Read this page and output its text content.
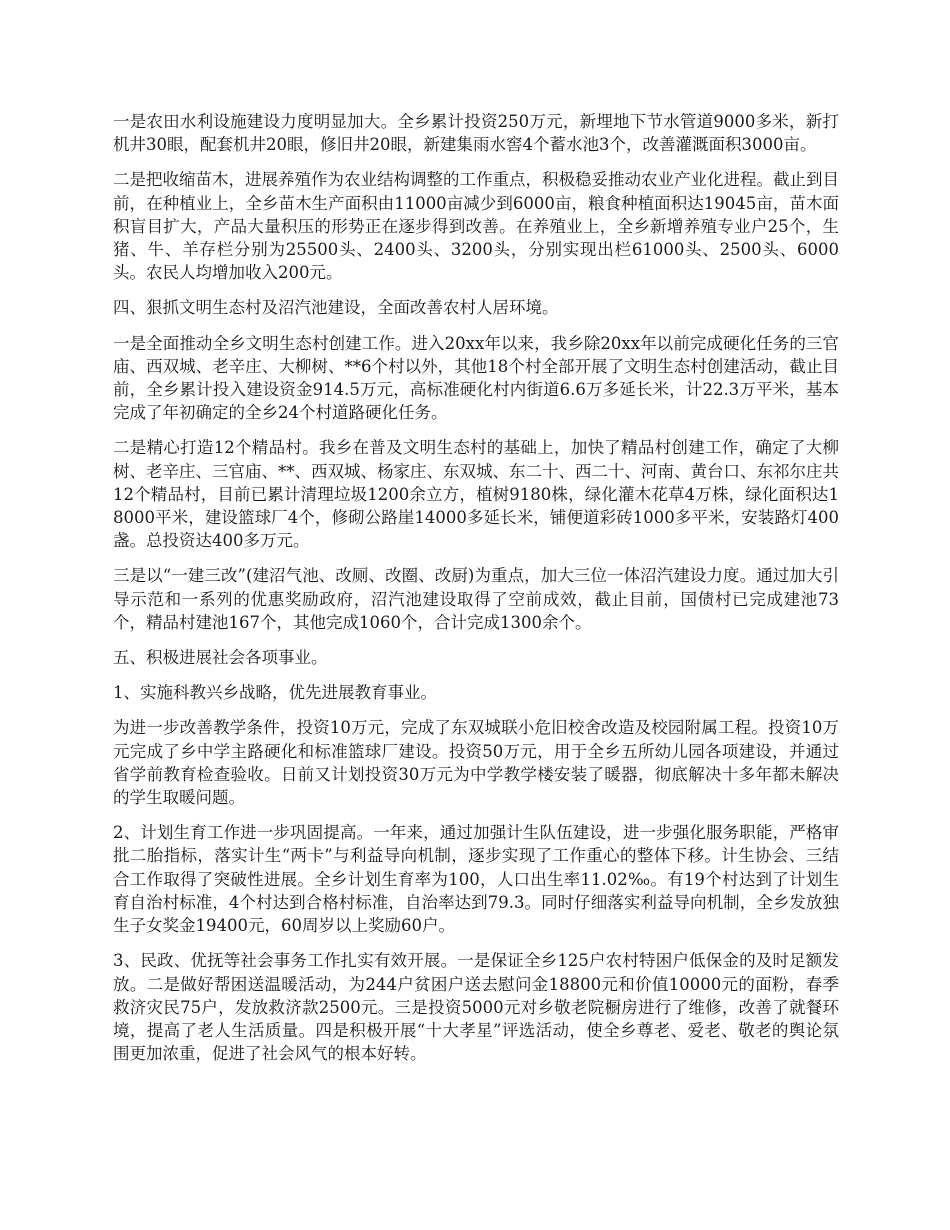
一是农田水利设施建设力度明显加大。全乡累计投资250万元，新埋地下节水管道9000多米，新打机井30眼，配套机井20眼，修旧井20眼，新建集雨水窖4个蓄水池3个，改善灌溉面积3000亩。

二是把收缩苗木，进展养殖作为农业结构调整的工作重点，积极稳妥推动农业产业化进程。截止到目前，在种植业上，全乡苗木生产面积由11000亩减少到6000亩，粮食种植面积达19045亩，苗木面积盲目扩大，产品大量积压的形势正在逐步得到改善。在养殖业上，全乡新增养殖专业户25个，生猪、牛、羊存栏分别为25500头、2400头、3200头，分别实现出栏61000头、2500头、6000头。农民人均增加收入200元。

四、狠抓文明生态村及沼汽池建设，全面改善农村人居环境。

一是全面推动全乡文明生态村创建工作。进入20xx年以来，我乡除20xx年以前完成硬化任务的三官庙、西双城、老辛庄、大柳树、**6个村以外，其他18个村全部开展了文明生态村创建活动，截止目前，全乡累计投入建设资金914.5万元，高标准硬化村内街道6.6万多延长米，计22.3万平米，基本完成了年初确定的全乡24个村道路硬化任务。

二是精心打造12个精品村。我乡在普及文明生态村的基础上，加快了精品村创建工作，确定了大柳树、老辛庄、三官庙、**、西双城、杨家庄、东双城、东二十、西二十、河南、黄台口、东祁尔庄共12个精品村，目前已累计清理垃圾1200余立方，植树9180株，绿化灌木花草4万株，绿化面积达18000平米，建设篮球厂4个，修砌公路崖14000多延长米，铺便道彩砖1000多平米，安装路灯400盏。总投资达400多万元。

三是以“一建三改”(建沼气池、改厕、改圈、改厨)为重点，加大三位一体沼汽建设力度。通过加大引导示范和一系列的优惠奖励政府，沼汽池建设取得了空前成效，截止目前，国债村已完成建池73个，精品村建池167个，其他完成1060个，合计完成1300余个。

五、积极进展社会各项事业。

1、实施科教兴乡战略，优先进展教育事业。

为进一步改善教学条件，投资10万元，完成了东双城联小危旧校舍改造及校园附属工程。投资10万元完成了乡中学主路硬化和标准篮球厂建设。投资50万元，用于全乡五所幼儿园各项建设，并通过省学前教育检查验收。日前又计划投资30万元为中学教学楼安装了暖器，彻底解决十多年都未解决的学生取暖问题。

2、计划生育工作进一步巩固提高。一年来，通过加强计生队伍建设，进一步强化服务职能，严格审批二胎指标，落实计生“两卡”与利益导向机制，逐步实现了工作重心的整体下移。计生协会、三结合工作取得了突破性进展。全乡计划生育率为100，人口出生率11.02‰。有19个村达到了计划生育自治村标准，4个村达到合格村标准，自治率达到79.3。同时仔细落实利益导向机制，全乡发放独生子女奖金19400元，60周岁以上奖励60户。

3、民政、优抚等社会事务工作扎实有效开展。一是保证全乡125户农村特困户低保金的及时足额发放。二是做好帮困送温暖活动，为244户贫困户送去慰问金18800元和价值10000元的面粉，春季救济灾民75户，发放救济款2500元。三是投资5000元对乡敬老院橱房进行了维修，改善了就餐环境，提高了老人生活质量。四是积极开展“十大孝星”评选活动，使全乡尊老、爱老、敬老的舆论氛围更加浓重，促进了社会风气的根本好转。
